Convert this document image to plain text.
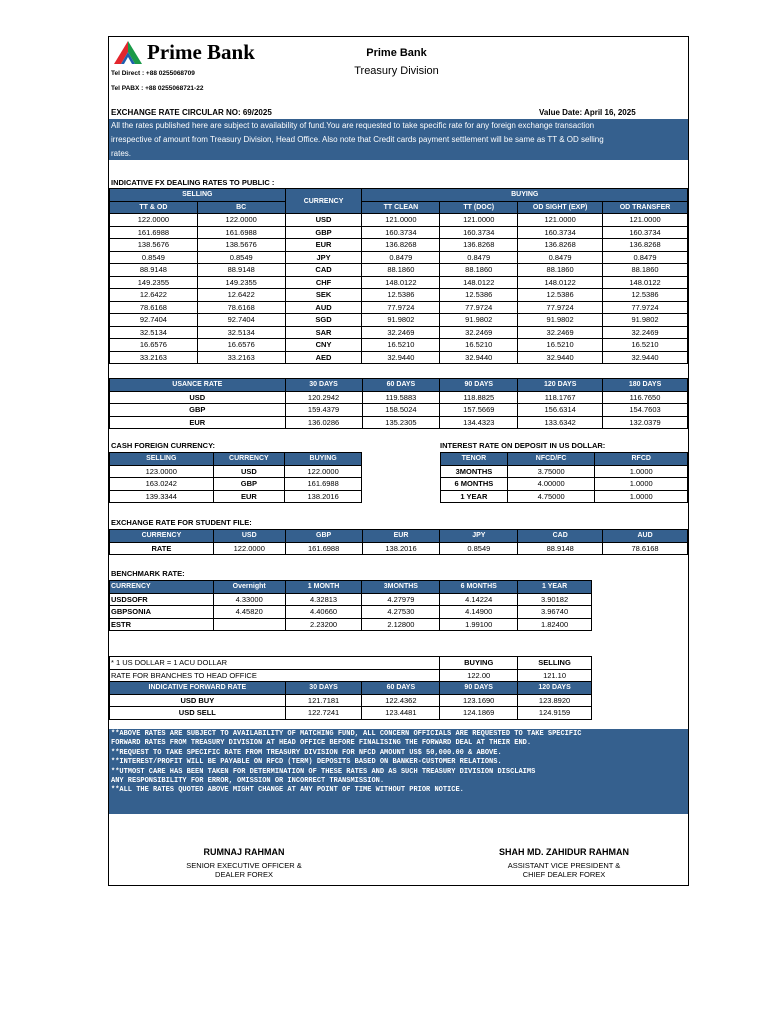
Prime Bank
Tel Direct : +88 0255068709
Tel PABX : +88 0255068721-22
Prime Bank
Treasury Division
EXCHANGE RATE CIRCULAR NO: 69/2025	Value Date: April 16, 2025
All the rates published here are subject to availability of fund.You are requested to take specific rate for any foreign exchange transaction
irrespective of amount from Treasury Division, Head Office. Also note that Credit cards payment settlement will be same as TT & OD selling
rates.
INDICATIVE FX DEALING RATES TO PUBLIC :
SELLING		CURRENCY	BUYING			
TT & OD	BC		TT CLEAN	TT (DOC)	OD SIGHT (EXP)	OD TRANSFER
122.0000	122.0000	USD	121.0000	121.0000	121.0000	121.0000
161.6988	161.6988	GBP	160.3734	160.3734	160.3734	160.3734
138.5676	138.5676	EUR	136.8268	136.8268	136.8268	136.8268
0.8549	0.8549	JPY	0.8479	0.8479	0.8479	0.8479
88.9148	88.9148	CAD	88.1860	88.1860	88.1860	88.1860
149.2355	149.2355	CHF	148.0122	148.0122	148.0122	148.0122
12.6422	12.6422	SEK	12.5386	12.5386	12.5386	12.5386
78.6168	78.6168	AUD	77.9724	77.9724	77.9724	77.9724
92.7404	92.7404	SGD	91.9802	91.9802	91.9802	91.9802
32.5134	32.5134	SAR	32.2469	32.2469	32.2469	32.2469
16.6576	16.6576	CNY	16.5210	16.5210	16.5210	16.5210
33.2163	33.2163	AED	32.9440	32.9440	32.9440	32.9440
USANCE RATE	30 DAYS	60 DAYS	90 DAYS	120 DAYS	180 DAYS
USD	120.2942	119.5883	118.8825	118.1767	116.7650
GBP	159.4379	158.5024	157.5669	156.6314	154.7603
EUR	136.0286	135.2305	134.4323	133.6342	132.0379
CASH FOREIGN CURRENCY:
SELLING	CURRENCY	BUYING
123.0000	USD	122.0000
163.0242	GBP	161.6988
139.3344	EUR	138.2016
INTEREST RATE ON DEPOSIT IN US DOLLAR:
TENOR	NFCD/FC	RFCD
3MONTHS	3.75000	1.0000
6 MONTHS	4.00000	1.0000
1 YEAR	4.75000	1.0000
EXCHANGE RATE FOR STUDENT FILE:
CURRENCY	USD	GBP	EUR	JPY	CAD	AUD
RATE	122.0000	161.6988	138.2016	0.8549	88.9148	78.6168
BENCHMARK RATE:
CURRENCY	Overnight	1 MONTH	3MONTHS	6 MONTHS	1 YEAR
USDSOFR	4.33000	4.32813	4.27979	4.14224	3.90182
GBPSONIA	4.45820	4.40660	4.27530	4.14900	3.96740
ESTR		2.23200	2.12800	1.99100	1.82400
* 1 US DOLLAR = 1 ACU DOLLAR			BUYING	SELLING
RATE FOR BRANCHES TO HEAD OFFICE			122.00	121.10
INDICATIVE FORWARD RATE	30 DAYS	60 DAYS	90 DAYS	120 DAYS
USD BUY	121.7181	122.4362	123.1690	123.8920
USD SELL	122.7241	123.4481	124.1869	124.9159
**ABOVE RATES ARE SUBJECT TO AVAILABILITY OF MATCHING FUND, ALL CONCERN OFFICIALS ARE REQUESTED TO TAKE SPECIFIC
FORWARD RATES FROM TREASURY DIVISION AT HEAD OFFICE BEFORE FINALISING THE FORWARD DEAL AT THEIR END.
**REQUEST TO TAKE SPECIFIC RATE FROM TREASURY DIVISION FOR NFCD AMOUNT US$ 50,000.00 & ABOVE.
**INTEREST/PROFIT WILL BE PAYABLE ON RFCD (TERM) DEPOSITS BASED ON BANKER-CUSTOMER RELATIONS.
**UTMOST CARE HAS BEEN TAKEN FOR DETERMINATION OF THESE RATES AND AS SUCH TREASURY DIVISION DISCLAIMS
ANY RESPONSIBILITY FOR ERROR, OMISSION OR INCORRECT TRANSMISSION.
**ALL THE RATES QUOTED ABOVE MIGHT CHANGE AT ANY POINT OF TIME WITHOUT PRIOR NOTICE.
RUMNAJ RAHMAN
SENIOR EXECUTIVE OFFICER &
DEALER FOREX
SHAH MD. ZAHIDUR RAHMAN
ASSISTANT VICE PRESIDENT &
CHIEF DEALER FOREX
